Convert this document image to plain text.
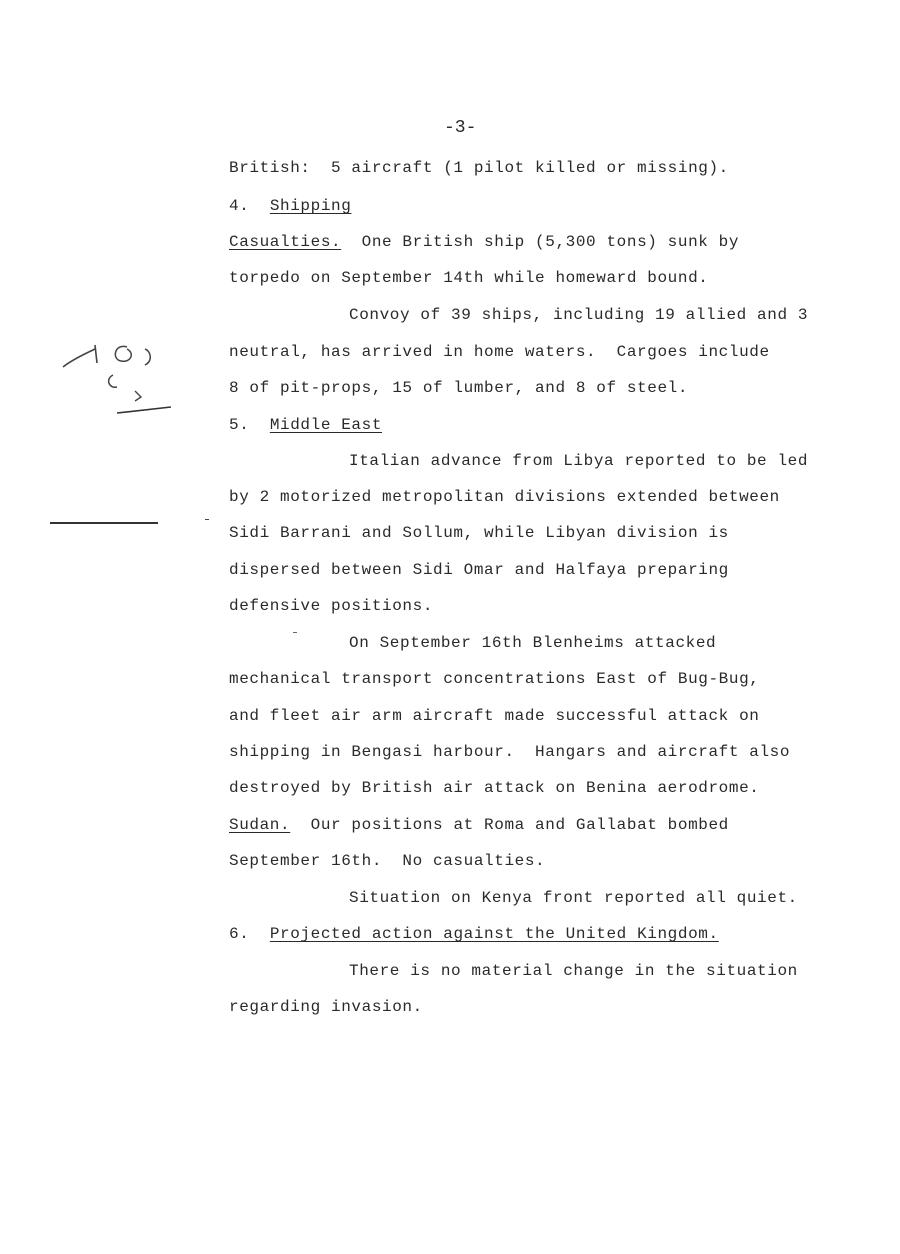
-3-
British:  5 aircraft (1 pilot killed or missing).
4.  Shipping
Casualties.  One British ship (5,300 tons) sunk by
torpedo on September 14th while homeward bound.
Convoy of 39 ships, including 19 allied and 3
neutral, has arrived in home waters.  Cargoes include
8 of pit-props, 15 of lumber, and 8 of steel.
5.  Middle East
Italian advance from Libya reported to be led
by 2 motorized metropolitan divisions extended between
Sidi Barrani and Sollum, while Libyan division is
dispersed between Sidi Omar and Halfaya preparing
defensive positions.
On September 16th Blenheims attacked
mechanical transport concentrations East of Bug-Bug,
and fleet air arm aircraft made successful attack on
shipping in Bengasi harbour.  Hangars and aircraft also
destroyed by British air attack on Benina aerodrome.
Sudan.  Our positions at Roma and Gallabat bombed
September 16th.  No casualties.
Situation on Kenya front reported all quiet.
6.  Projected action against the United Kingdom.
There is no material change in the situation
regarding invasion.
